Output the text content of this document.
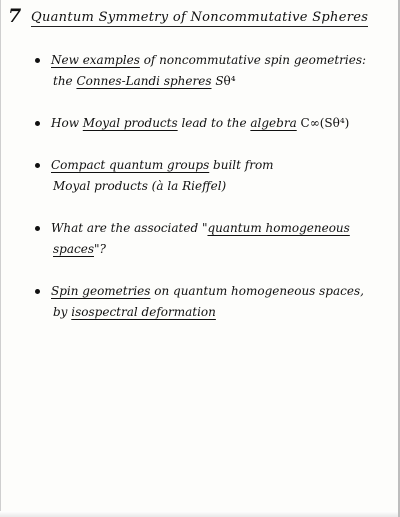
7 Quantum Symmetry of Noncommutative Spheres
New examples of noncommutative spin geometries:
the Connes-Landi spheres Sθ⁴
How Moyal products lead to the algebra C∞(Sθ⁴)
Compact quantum groups built from
Moyal products (à la Rieffel)
What are the associated "quantum homogeneous
spaces"?
Spin geometries on quantum homogeneous spaces,
by isospectral deformation
